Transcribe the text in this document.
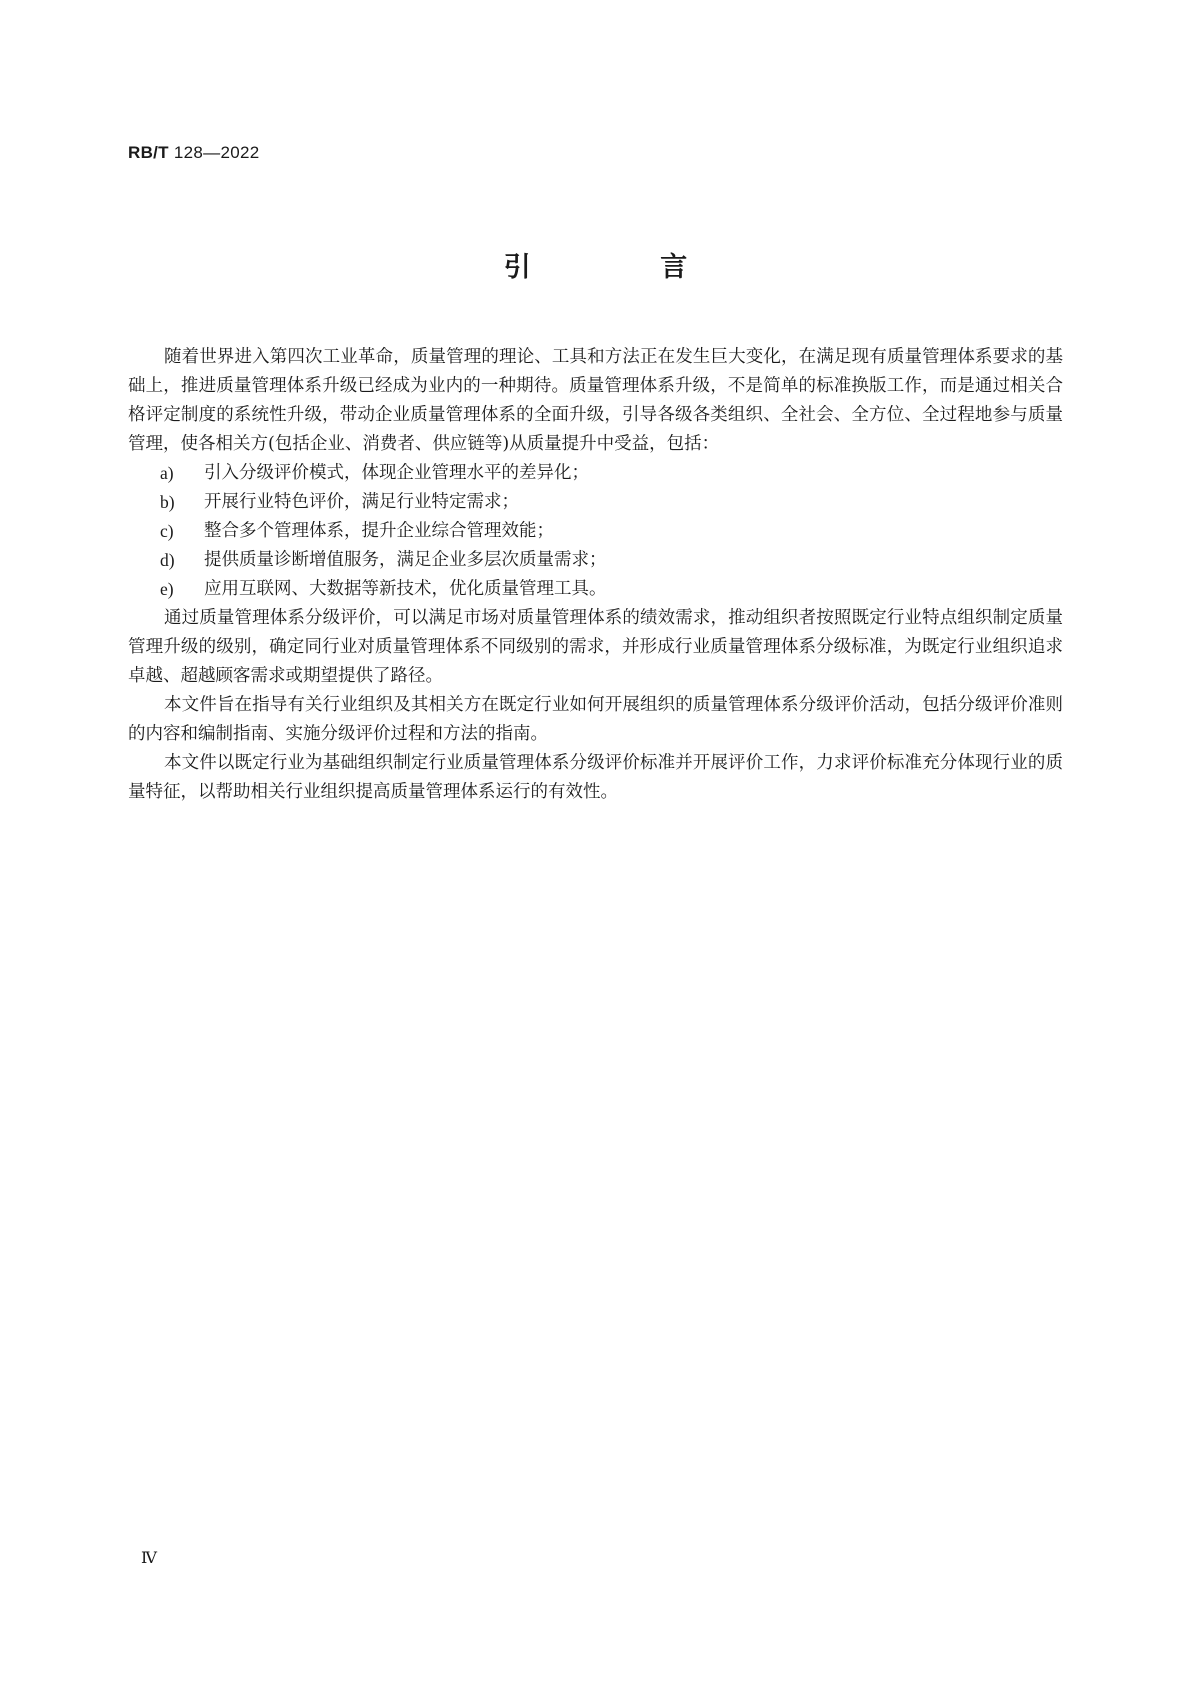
RB/T 128—2022
引 言

随着世界进入第四次工业革命，质量管理的理论、工具和方法正在发生巨大变化，在满足现有质量管理体系要求的基础上，推进质量管理体系升级已经成为业内的一种期待。质量管理体系升级，不是简单的标准换版工作，而是通过相关合格评定制度的系统性升级，带动企业质量管理体系的全面升级，引导各级各类组织、全社会、全方位、全过程地参与质量管理，使各相关方(包括企业、消费者、供应链等)从质量提升中受益，包括：

a)	引入分级评价模式，体现企业管理水平的差异化；
b)	开展行业特色评价，满足行业特定需求；
c)	整合多个管理体系，提升企业综合管理效能；
d)	提供质量诊断增值服务，满足企业多层次质量需求；
e)	应用互联网、大数据等新技术，优化质量管理工具。

通过质量管理体系分级评价，可以满足市场对质量管理体系的绩效需求，推动组织者按照既定行业特点组织制定质量管理升级的级别，确定同行业对质量管理体系不同级别的需求，并形成行业质量管理体系分级标准，为既定行业组织追求卓越、超越顾客需求或期望提供了路径。

本文件旨在指导有关行业组织及其相关方在既定行业如何开展组织的质量管理体系分级评价活动，包括分级评价准则的内容和编制指南、实施分级评价过程和方法的指南。

本文件以既定行业为基础组织制定行业质量管理体系分级评价标准并开展评价工作，力求评价标准充分体现行业的质量特征，以帮助相关行业组织提高质量管理体系运行的有效性。

Ⅳ
